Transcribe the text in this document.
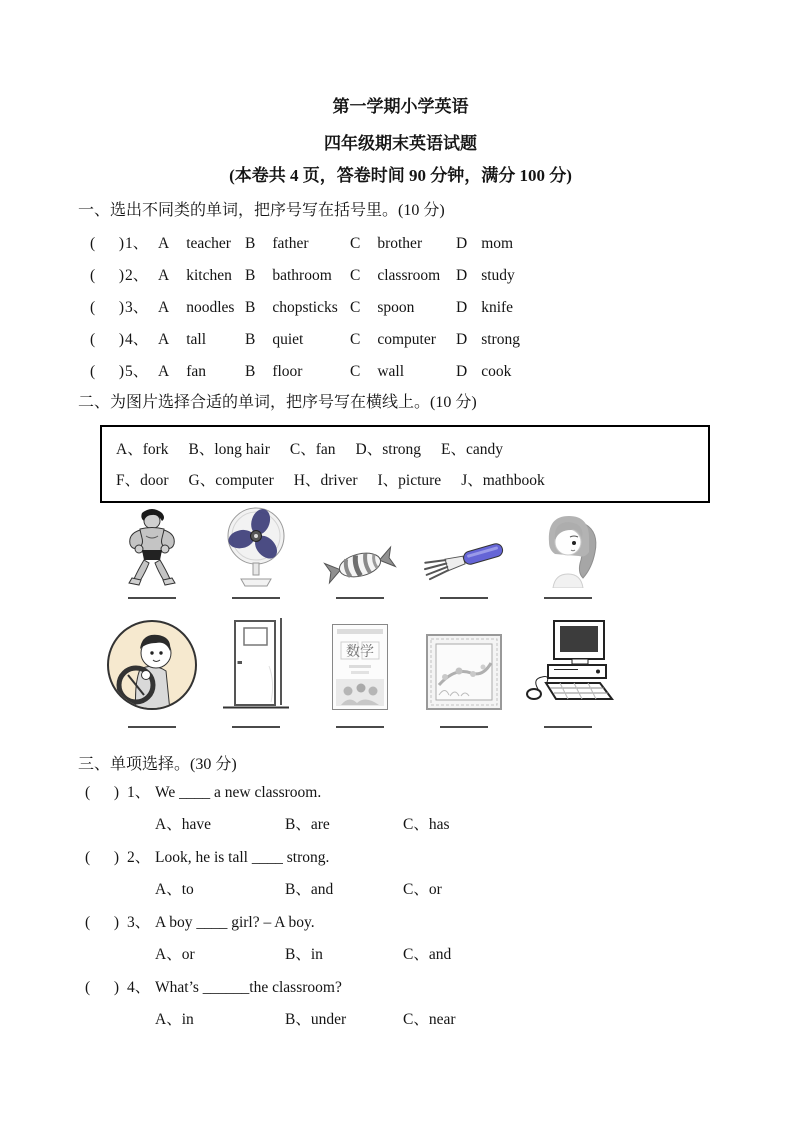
第一学期小学英语
四年级期末英语试题
(本卷共 4 页，答卷时间 90 分钟，满分 100 分)
一、选出不同类的单词，把序号写在括号里。(10 分)
( ) 1、 A teacher B father	C brother D mom
( ) 2、 A kitchen B bathroom C classroom D study
( ) 3、 A noodles B chopsticks C spoon	D knife
( ) 4、 A tall	B quiet	C computer D strong
( ) 5、 A fan	B floor	C wall	D cook
二、为图片选择合适的单词，把序号写在横线上。(10 分)
A、fork B、long hair C、fan D、strong E、candy
F、door G、computer H、driver I、picture J、mathbook
数学
三、单项选择。(30 分)
( ) 1、 We ____ a new classroom.
A、have	B、are	C、has
( ) 2、 Look, he is tall ____ strong.
A、to	B、and	C、or
( ) 3、 A boy ____ girl? – A boy.
A、or	B、in	C、and
( ) 4、 What’s ______the classroom?
A、in	B、under	C、near
